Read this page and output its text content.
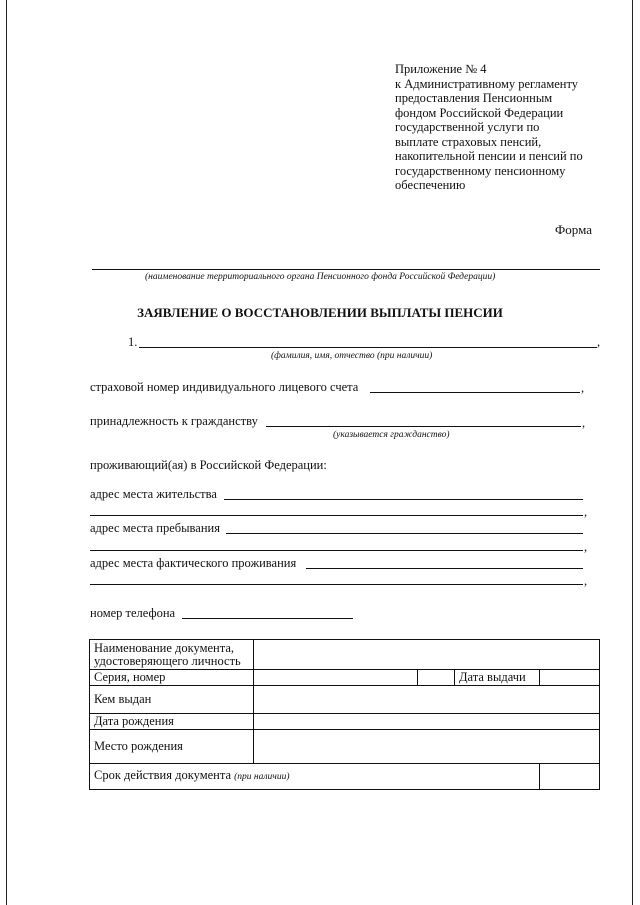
Приложение № 4
к Административному регламенту
предоставления Пенсионным
фондом Российской Федерации
государственной услуги по
выплате страховых пенсий,
накопительной пенсии и пенсий по
государственному пенсионному
обеспечению
Форма
(наименование территориального органа Пенсионного фонда Российской Федерации)
ЗАЯВЛЕНИЕ О ВОССТАНОВЛЕНИИ ВЫПЛАТЫ ПЕНСИИ
1.	,
(фамилия, имя, отчество (при наличии)
страховой номер индивидуального лицевого счета	,
принадлежность к гражданству	,
(указывается гражданство)
проживающий(ая) в Российской Федерации:
адрес места жительства
,
адрес места пребывания
,
адрес места фактического проживания
,
номер телефона
Наименование документа, удостоверяющего личность				
Серия, номер			Дата выдачи	
Кем выдан				
Дата рождения				
Место рождения				
Срок действия документа (при наличии)				
